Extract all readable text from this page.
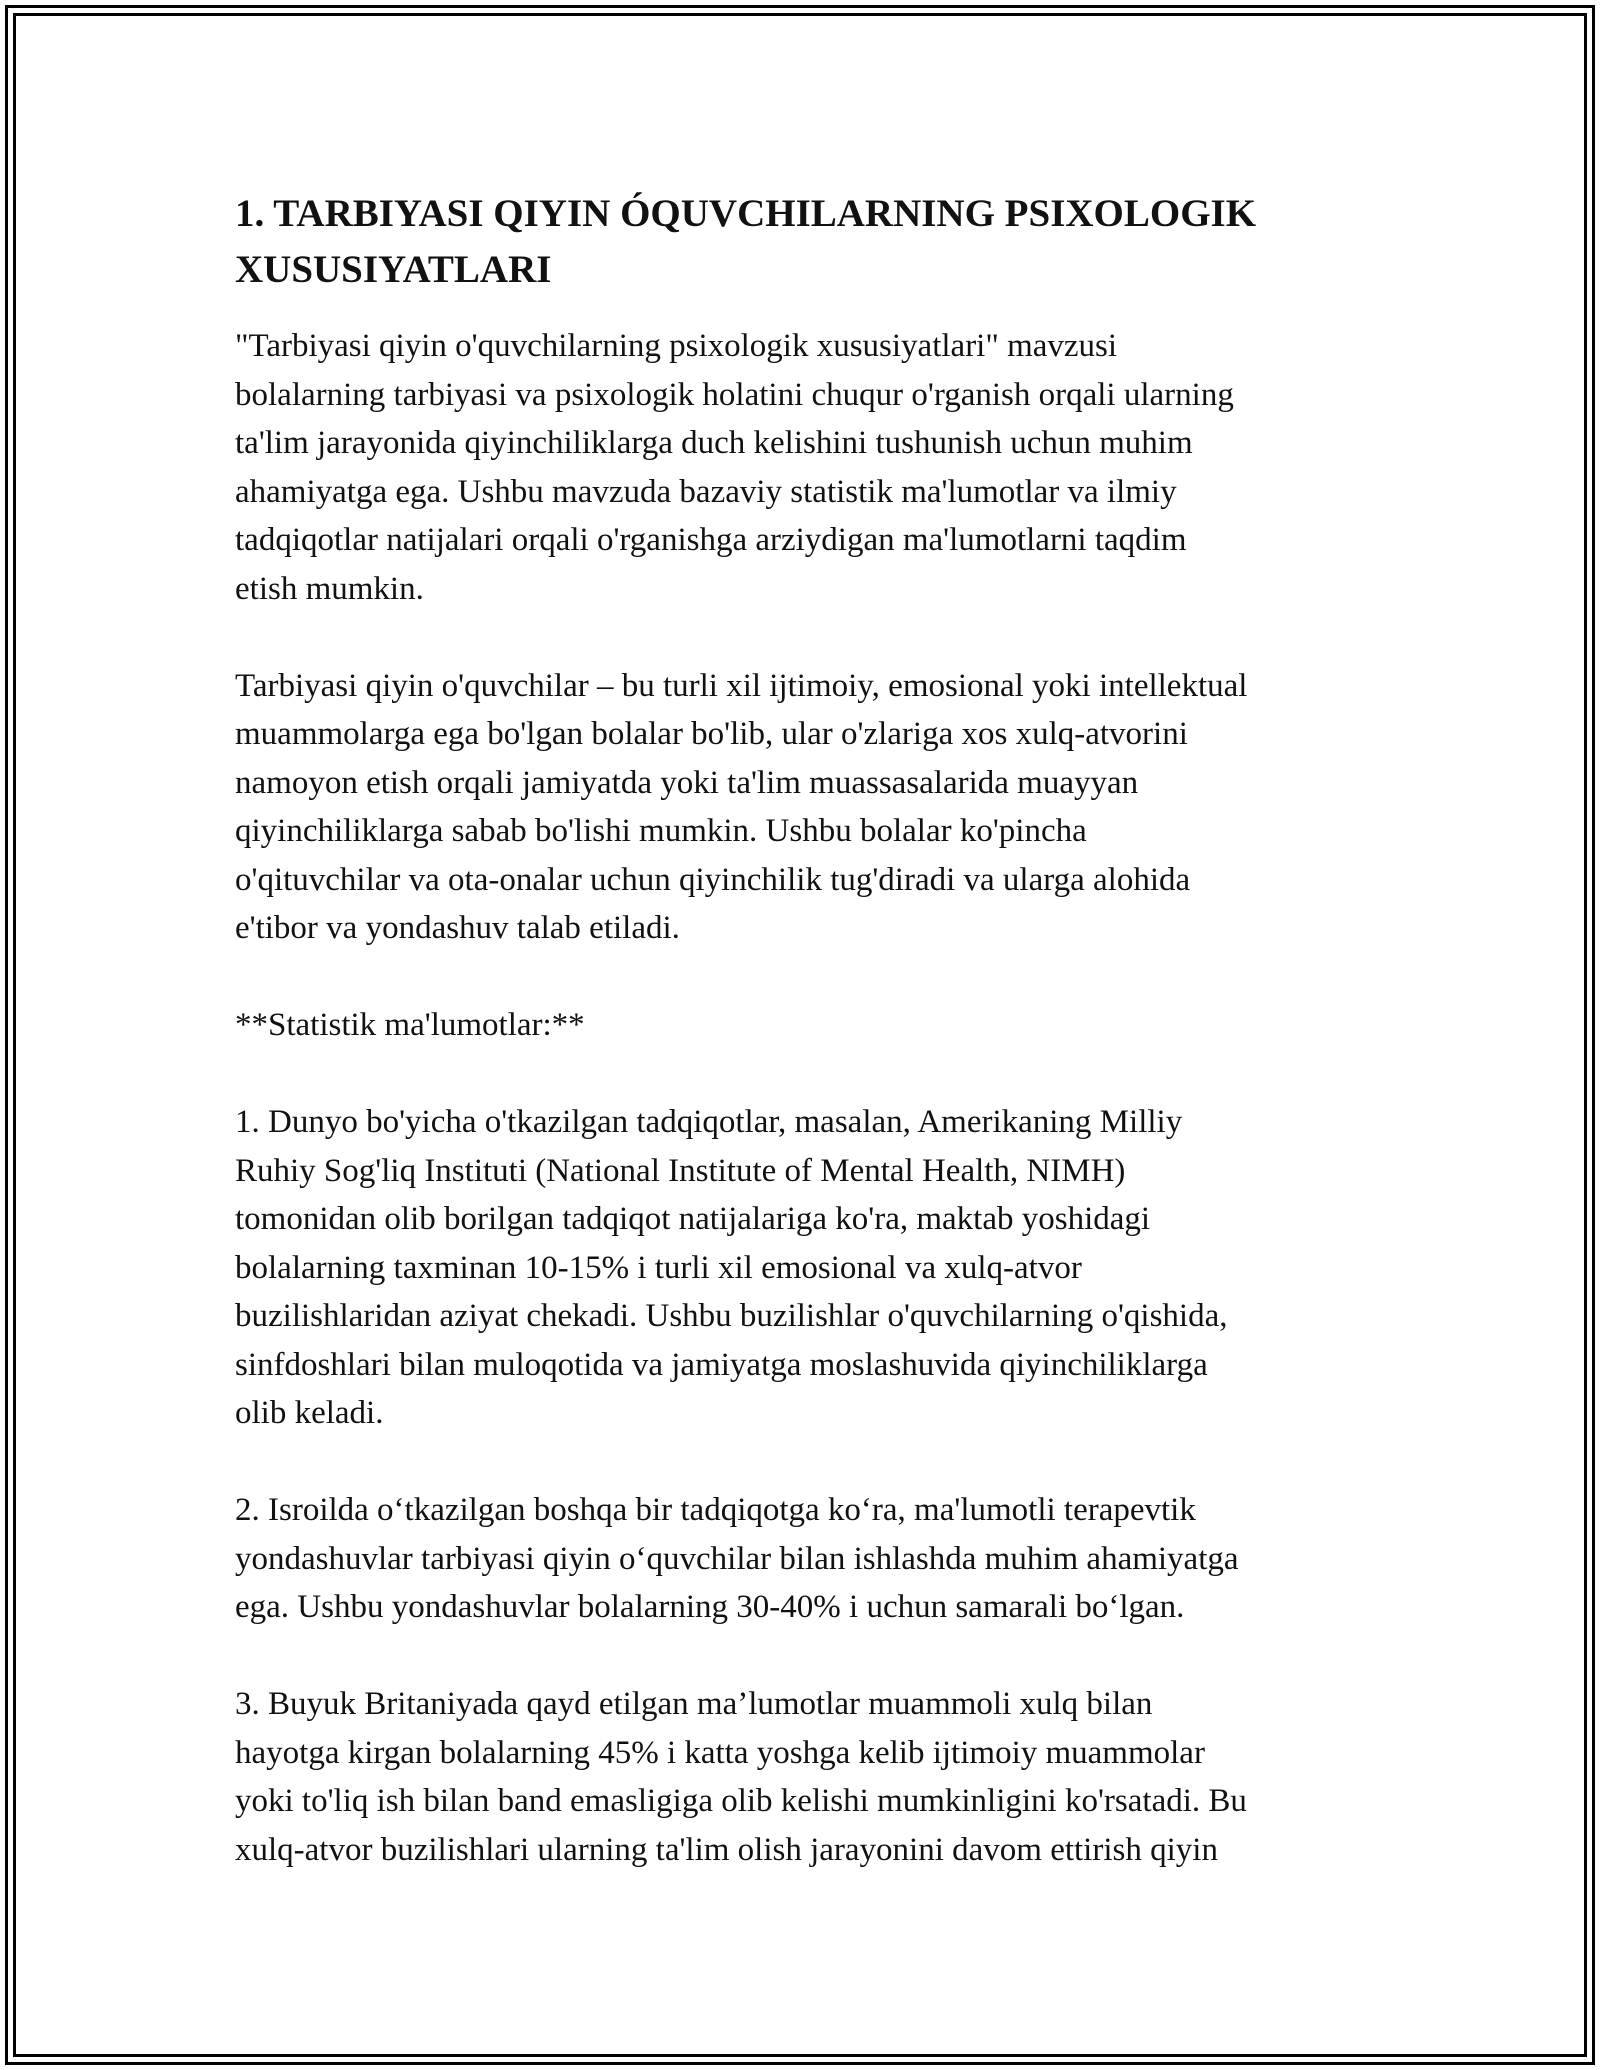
1. TARBIYASI QIYIN ÓQUVCHILARNING PSIXOLOGIK
XUSUSIYATLARI
"Tarbiyasi qiyin o'quvchilarning psixologik xususiyatlari" mavzusi
bolalarning tarbiyasi va psixologik holatini chuqur o'rganish orqali ularning
ta'lim jarayonida qiyinchiliklarga duch kelishini tushunish uchun muhim
ahamiyatga ega. Ushbu mavzuda bazaviy statistik ma'lumotlar va ilmiy
tadqiqotlar natijalari orqali o'rganishga arziydigan ma'lumotlarni taqdim
etish mumkin.
Tarbiyasi qiyin o'quvchilar – bu turli xil ijtimoiy, emosional yoki intellektual
muammolarga ega bo'lgan bolalar bo'lib, ular o'zlariga xos xulq-atvorini
namoyon etish orqali jamiyatda yoki ta'lim muassasalarida muayyan
qiyinchiliklarga sabab bo'lishi mumkin. Ushbu bolalar ko'pincha
o'qituvchilar va ota-onalar uchun qiyinchilik tug'diradi va ularga alohida
e'tibor va yondashuv talab etiladi.
**Statistik ma'lumotlar:**
1. Dunyo bo'yicha o'tkazilgan tadqiqotlar, masalan, Amerikaning Milliy
Ruhiy Sog'liq Instituti (National Institute of Mental Health, NIMH)
tomonidan olib borilgan tadqiqot natijalariga ko'ra, maktab yoshidagi
bolalarning taxminan 10-15% i turli xil emosional va xulq-atvor
buzilishlaridan aziyat chekadi. Ushbu buzilishlar o'quvchilarning o'qishida,
sinfdoshlari bilan muloqotida va jamiyatga moslashuvida qiyinchiliklarga
olib keladi.
2. Isroilda o‘tkazilgan boshqa bir tadqiqotga ko‘ra, ma'lumotli terapevtik
yondashuvlar tarbiyasi qiyin o‘quvchilar bilan ishlashda muhim ahamiyatga
ega. Ushbu yondashuvlar bolalarning 30-40% i uchun samarali bo‘lgan.
3. Buyuk Britaniyada qayd etilgan ma’lumotlar muammoli xulq bilan
hayotga kirgan bolalarning 45% i katta yoshga kelib ijtimoiy muammolar
yoki to'liq ish bilan band emasligiga olib kelishi mumkinligini ko'rsatadi. Bu
xulq-atvor buzilishlari ularning ta'lim olish jarayonini davom ettirish qiyin
